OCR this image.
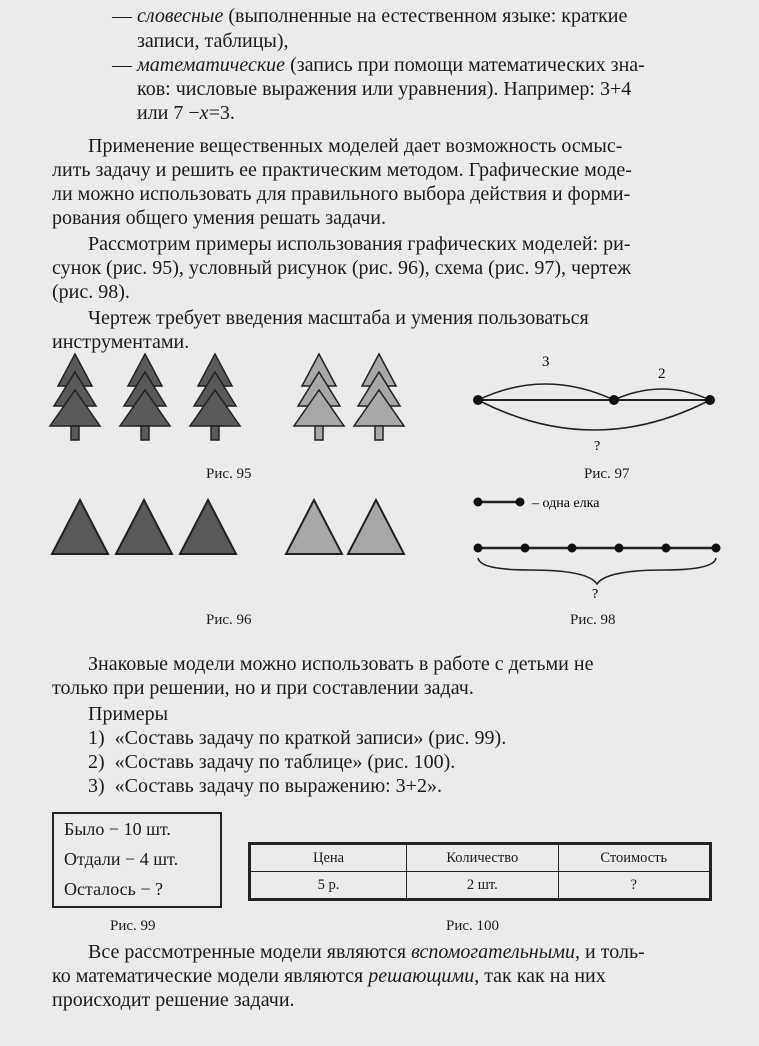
— словесные (выполненные на естественном языке: краткие

записи, таблицы),

— математические (запись при помощи математических зна-

ков: числовые выражения или уравнения). Например: 3+4

или 7 −x=3.

Применение вещественных моделей дает возможность осмыс-

лить задачу и решить ее практическим методом. Графические моде-

ли можно использовать для правильного выбора действия и форми-

рования общего умения решать задачи.

Рассмотрим примеры использования графических моделей: ри-

сунок (рис. 95), условный рисунок (рис. 96), схема (рис. 97), чертеж

(рис. 98).

Чертеж требует введения масштаба и умения пользоваться

инструментами.

Рис. 95
3
2
?
Рис. 97
Рис. 96
– одна елка
?
Рис. 98

Знаковые модели можно использовать в работе с детьми не

только при решении, но и при составлении задач.

Примеры

1)  «Составь задачу по краткой записи» (рис. 99).

2)  «Составь задачу по таблице» (рис. 100).

3)  «Составь задачу по выражению: 3+2».

Было − 10 шт.
Отдали − 4 шт.
Осталось − ?
Рис. 99
Цена	Количество	Стоимость
5 р.	2 шт.	?
Рис. 100

Все рассмотренные модели являются вспомогательными, и толь-

ко математические модели являются решающими, так как на них

происходит решение задачи.
